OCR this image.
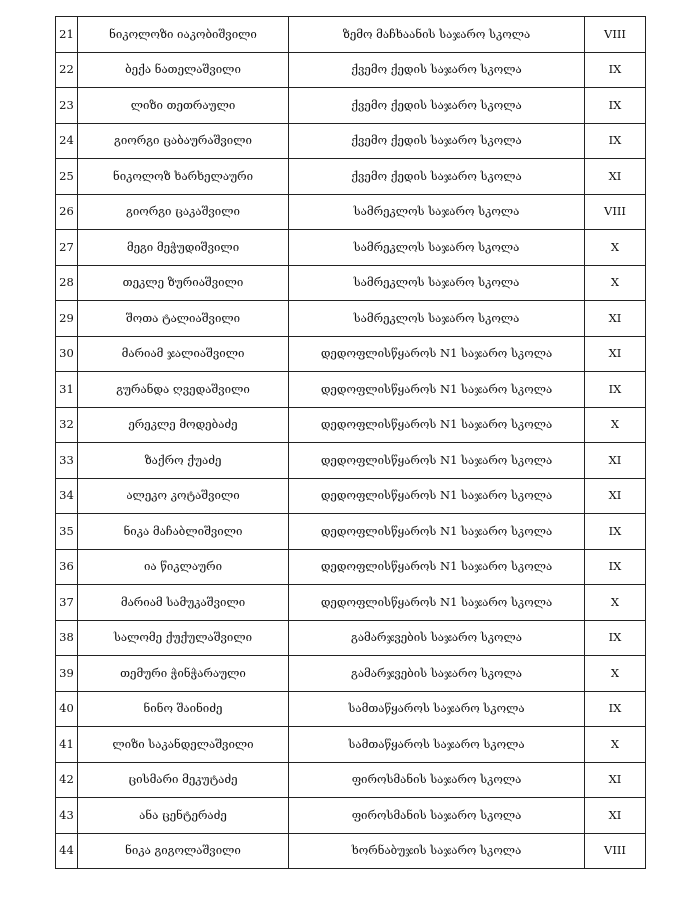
21	ნიკოლოზი იაკობიშვილი	ზემო მაჩხაანის საჯარო სკოლა	VIII
22	ბექა ნათელაშვილი	ქვემო ქედის საჯარო სკოლა	IX
23	ლიზი თეთრაული	ქვემო ქედის საჯარო სკოლა	IX
24	გიორგი ცაბაურაშვილი	ქვემო ქედის საჯარო სკოლა	IX
25	ნიკოლოზ ხარხელაური	ქვემო ქედის საჯარო სკოლა	XI
26	გიორგი ცაკაშვილი	სამრეკლოს საჯარო სკოლა	VIII
27	მეგი მეჭუდიშვილი	სამრეკლოს საჯარო სკოლა	X
28	თეკლე ზურიაშვილი	სამრეკლოს საჯარო სკოლა	X
29	შოთა ტალიაშვილი	სამრეკლოს საჯარო სკოლა	XI
30	მარიამ ჯალიაშვილი	დედოფლისწყაროს N1 საჯარო სკოლა	XI
31	გურანდა ღვედაშვილი	დედოფლისწყაროს N1 საჯარო სკოლა	IX
32	ერეკლე მოდებაძე	დედოფლისწყაროს N1 საჯარო სკოლა	X
33	ზაქრო ქუაძე	დედოფლისწყაროს N1 საჯარო სკოლა	XI
34	ალეკო კოტაშვილი	დედოფლისწყაროს N1 საჯარო სკოლა	XI
35	ნიკა მაჩაბლიშვილი	დედოფლისწყაროს N1 საჯარო სკოლა	IX
36	ია წიკლაური	დედოფლისწყაროს N1 საჯარო სკოლა	IX
37	მარიამ სამუკაშვილი	დედოფლისწყაროს N1 საჯარო სკოლა	X
38	სალომე ქუქულაშვილი	გამარჯვების საჯარო სკოლა	IX
39	თემური ჭინჭარაული	გამარჯვების საჯარო სკოლა	X
40	ნინო შაინიძე	სამთაწყაროს საჯარო სკოლა	IX
41	ლიზი საკანდელაშვილი	სამთაწყაროს საჯარო სკოლა	X
42	ცისმარი მეკუტაძე	ფიროსმანის საჯარო სკოლა	XI
43	ანა ცენტერაძე	ფიროსმანის საჯარო სკოლა	XI
44	ნიკა გიგოლაშვილი	ხორნაბუჯის საჯარო სკოლა	VIII
